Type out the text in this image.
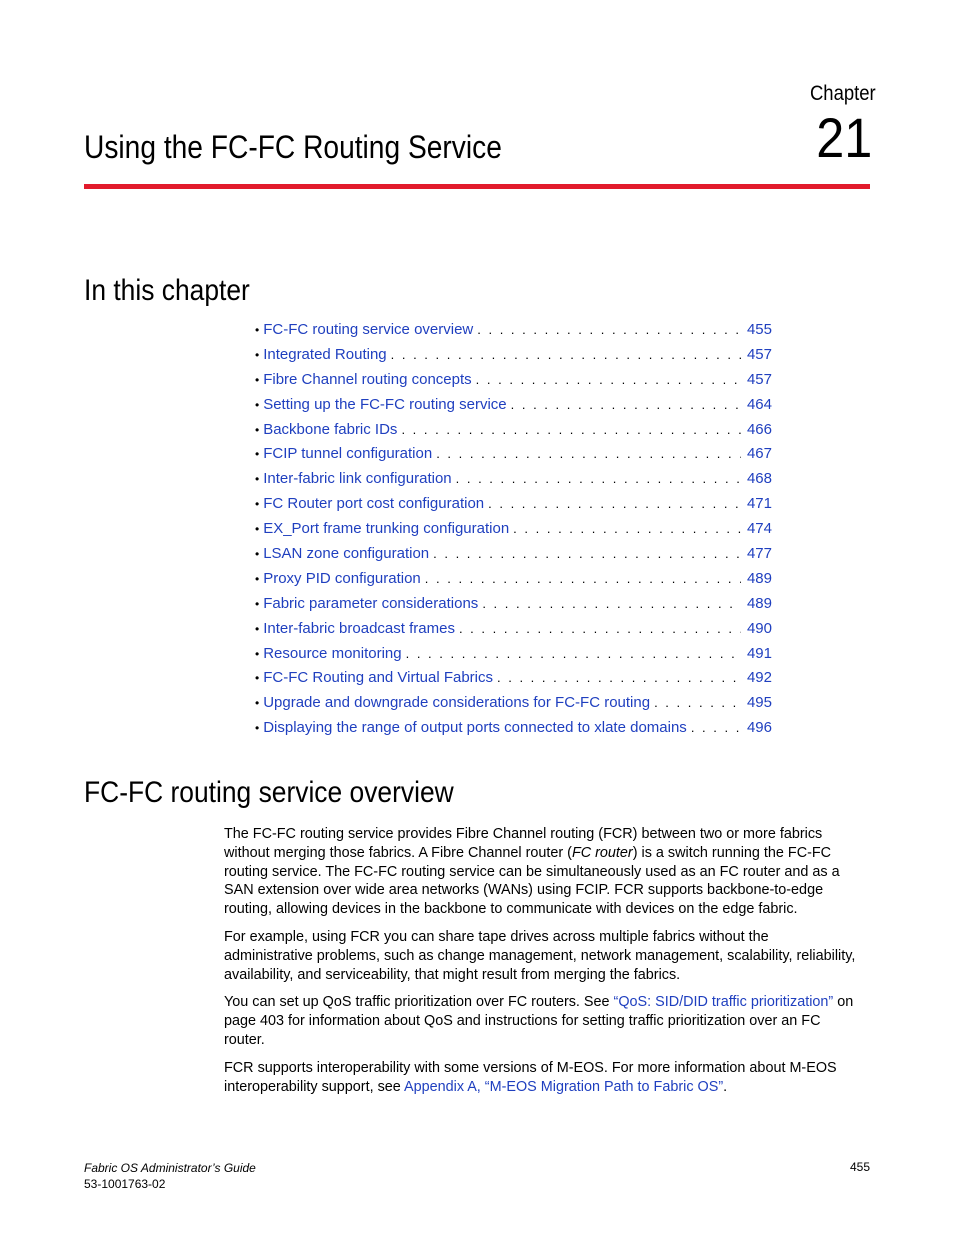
Chapter
21
Using the FC-FC Routing Service
In this chapter
• FC-FC routing service overview . . .	455
• Integrated Routing . . .	457
• Fibre Channel routing concepts . . .	457
• Setting up the FC-FC routing service . . .	464
• Backbone fabric IDs . . .	466
• FCIP tunnel configuration . . .	467
• Inter-fabric link configuration . . .	468
• FC Router port cost configuration . . .	471
• EX_Port frame trunking configuration . . .	474
• LSAN zone configuration . . .	477
• Proxy PID configuration . . .	489
• Fabric parameter considerations . . .	489
• Inter-fabric broadcast frames . . .	490
• Resource monitoring . . .	491
• FC-FC Routing and Virtual Fabrics . . .	492
• Upgrade and downgrade considerations for FC-FC routing . . .	495
• Displaying the range of output ports connected to xlate domains . . .	496
FC-FC routing service overview

The FC-FC routing service provides Fibre Channel routing (FCR) between two or more fabrics without merging those fabrics. A Fibre Channel router (FC router) is a switch running the FC-FC routing service. The FC-FC routing service can be simultaneously used as an FC router and as a SAN extension over wide area networks (WANs) using FCIP. FCR supports backbone-to-edge routing, allowing devices in the backbone to communicate with devices on the edge fabric.

For example, using FCR you can share tape drives across multiple fabrics without the administrative problems, such as change management, network management, scalability, reliability, availability, and serviceability, that might result from merging the fabrics.

You can set up QoS traffic prioritization over FC routers. See “QoS: SID/DID traffic prioritization” on page 403 for information about QoS and instructions for setting traffic prioritization over an FC router.

FCR supports interoperability with some versions of M-EOS. For more information about M-EOS interoperability support, see Appendix A, “M-EOS Migration Path to Fabric OS”.

Fabric OS Administrator’s Guide
53-1001763-02
455
